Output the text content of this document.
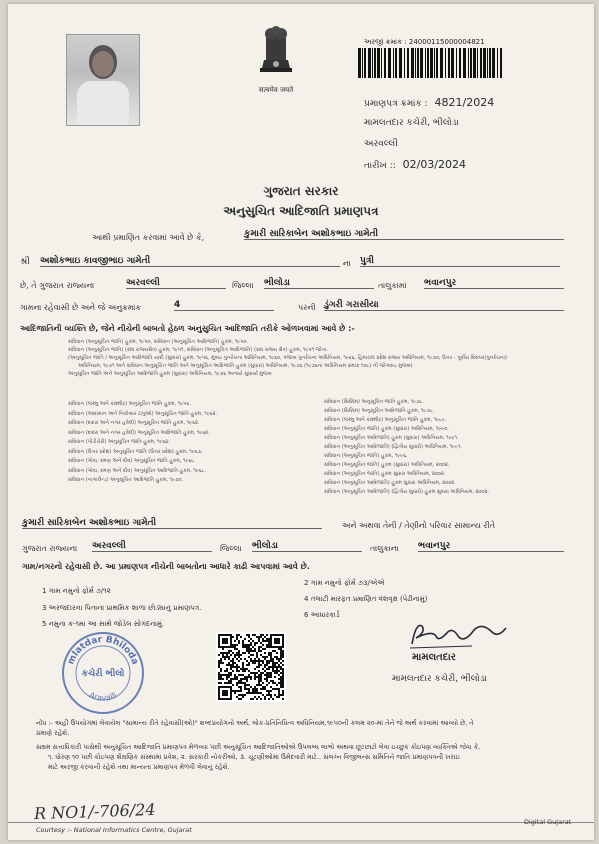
सत्यमेव जयते
અરજી ક્રમાંક : 24000115000004821
પ્રમાણપત્ર ક્રમાંક : 4821/2024
મામલતદાર કચેરી, ભીલોડા
અરવલ્લી
તારીખ :: 02/03/2024
ગુજરાત સરકાર
અનુસુચિત આદિજાતિ પ્રમાણપત્ર
આથી પ્રમાણિત કરવામાં આવે છે કે,	કુમારી સારિકાબેન અશોકભાઇ ગામેતી
શ્રી અશોકભાઇ કાવજીભાઇ ગામેતી	ના પુત્રી
છે, તે ગુજરાત રાજ્યના	અરવલ્લી	જિલ્લા ભીલોડા	તાલુકામાં ભવાનપુર
ગામના રહેવાસી છે અને જે અનુક્રમાંક	4	પરની ડુંગરી ગરાસીયા
આદિજાતિની વ્યક્તિ છે, જેને નીચેની બાબતો હેઠળ અનુસુચિત આદિજાતિ તરીકે ઓળખવામાં આવે છે :-
સંવિધાન (અનુસૂચિત જાતિ) હુકમ, ૧૯૫૦, સંવિધાન (અનુસૂચિત આદિજાતિ) હુકમ, ૧૯૫૦.
સંવિધાન (અનુસૂચિત જાતિ) (સંઘ રાજ્યક્ષેત્ર) હુકમ, ૧૯૫૧, સંવિધાન (અનુસૂચિત આદિજાતિ) (સંઘ રાજ્ય ક્ષેત્ર) હુકમ, ૧૯૫૧ જોતા.
(અનુસૂચિત જાતિ / અનુસૂચિત આદિજાતિ યાદી (સુધારા) હુકમ, ૧૯૫૬, મુંબઇ પુનર્રચના અધિનિયમ, ૧૯૬૦, પંજાબ પુનર્રચના અધિનિયમ, ૧૯૬૬, હિમાચલ પ્રદેશ રાજ્ય અધિનિયમ, ૧૯૭૦, ઉત્તર - પૂર્વીય વિસ્તાર(પુનર્રચના)
અધિનિયમ, ૧૯૭૧ અને સંવિધાન અનુસૂચિત જાતિ અને અનુસૂચિત આદિજાતિ હુકમ (સુધારા) અધિનિયમ, ૧૯૭૬ (૧૯૭૬ના અધિનિયમ ક્રમાંક ૧૦૮) ની જોગવાઇ મુજબ)
અનુસૂચિત જાતિ અને અનુસૂચિત આદિજાતિ હુકમ (સુધારા) અધિનિયમ, ૧૯૭૬ અન્વયે સુધાર્યા મુજબ
સંવિધાન (જમ્મુ અને કાશ્મીર) અનુસૂચિત જાતિ હુકમ, ૧૯૫૬.
સંવિધાન (આંદામાન અને નિકોબાર ટાપુઓ) અનુસૂચિત જાતિ હુકમ, ૧૯૬૨.
સંવિધાન (દાદરા અને નગર હવેલી) અનુસૂચિત જાતિ હુકમ, ૧૯૬૨.
સંવિધાન (દાદરા અને નગર હવેલી) અનુસૂચિત આદિજાતિ હુકમ, ૧૯૬૨.
સંવિધાન (પોંડીચેરી) અનુસૂચિત જાતિ હુકમ, ૧૯૬૪.
સંવિધાન (ઉત્તર પ્રદેશ) અનુસૂચિત જાતિ (ઉત્તર પ્રદેશ) હુકમ, ૧૯૬૭.
સંવિધાન (ગોવા, દમણ અને દીવ) અનુસૂચિત જાતિ હુકમ, ૧૯૬૮.
સંવિધાન (ગોવા, દમણ અને દીવ) અનુસૂચિત આદિજાતિ હુકમ, ૧૯૬૮.
સંવિધાન (નાગાલેન્ડ) અનુસૂચિત આદિજાતિ હુકમ, ૧૯૭૦.
સંવિધાન (સિક્કિમ) અનુસૂચિત જાતિ હુકમ, ૧૯૭૮.
સંવિધાન (સિક્કિમ) અનુસૂચિત આદિજાતિ હુકમ, ૧૯૭૮.
સંવિધાન (જમ્મુ અને કાશ્મીર) અનુસૂચિત જાતિ હુકમ, ૧૯૮૯.
સંવિધાન (અનુસૂચિત જાતિ) હુકમ (સુધારા) અધિનિયમ, ૧૯૯૦.
સંવિધાન (અનુસૂચિત આદિજાતિ) હુકમ (સુધારા) અધિનિયમ, ૧૯૯૧.
સંવિધાન (અનુસૂચિત આદિજાતિ) (દ્વિતીય સુધારો) અધિનિયમ, ૧૯૯૧.
સંવિધાન (અનુસૂચિત જાતિ) હુકમ, ૧૯૯૬.
સંવિધાન (અનુસૂચિત જાતિ) હુકમ (સુધારા) અધિનિયમ, ૨૦૦૨.
સંવિધાન (અનુસૂચિત જાતિ) હુકમ સુધારા અધિનિયમ, ૨૦૦૨.
સંવિધાન (અનુસૂચિત આદિજાતિ) હુકમ સુધારા અધિનિયમ, ૨૦૦૨.
સંવિધાન (અનુસૂચિત આદિજાતિ) (દ્વિતીય સુધારો) હુકમ સુધારા અધિનિયમ, ૨૦૦૨.
કુમારી સારિકાબેન અશોકભાઇ ગામેતી	અને અથવા તેની / તેણીનો પરિવાર સામાન્ય રીતે
ગુજરાત રાજ્યના અરવલ્લી	જિલ્લા ભીલોડા	તાલુકાના ભવાનપુર
ગામ/નગરનો રહેવાસી છે. આ પ્રમાણપત્ર નીચેની બાબતોના આધારે કાઢી આપવામાં આવે છે.
1 ગામ નમુનો ફોર્મ ૭/૧૨
2 ગામ નમુનો ફોર્મ ૭૩/એએ
3 અરજદારના પિતાના પ્રાથમિક શાળા છોડ્યાનું પ્રમાણપત્ર.
4 તલાટી મારફત પ્રમાણિત વંશવૃક્ષ (પેઢીનામું)
5 નમુના ક-૧માં આ સાથે જોડેલ સોગંદનામું.
6 આધારકાર્ડ
mlatdar Bhiloda
કચેરી ભીલો
Aravalli
મામલતદાર
મામલતદાર કચેરી, ભીલોડા
નોંધ :- અહીં ઉપયોગમાં લેવાયેલ "સામાન્ય રીતે રહેવાસી(ઓ)" શબ્દપ્રયોગનો અર્થ, લોક-પ્રતિનિધિત્વ અધિનિયમ,૧૯૫૦ની કલમ ૨૦-માં તેને જે અર્થ કરવામાં આવ્યો છે, તે
પ્રમાણે રહેશે.
સક્ષમ સત્તાધિકારી પાસેથી અનુસૂચિત આદિજાતિ પ્રમાણપત્ર મેળવ્યા પછી અનુસૂચિત આદિજાતિઓએ ઉપલબ્ધ લાભો અથવા છૂટછાટો લેવા ઇચ્છુક કોઇપણ વ્યક્તિએ જેવા કે,
૧. ધોરણ ૧૦ પછી કોઇપણ શૈક્ષણિક સંસ્થામાં પ્રવેશ, ૨. સરકારી નોકરીઓ, ૩. ચૂંટણીઓમાં ઉમેદવારી માટે.. સંલગ્ન વિજીલન્સ સમિતિને જાતિ પ્રમાણપત્રની ખરાઇ
માટે અરજી કરવાની રહેશે તથા માન્યતા પ્રમાણપત્ર મેળવી લેવાનું રહેશે.
R NO1/-706/24
Courtesy :- National Informatics Centre, Gujarat
Digital Gujarat
